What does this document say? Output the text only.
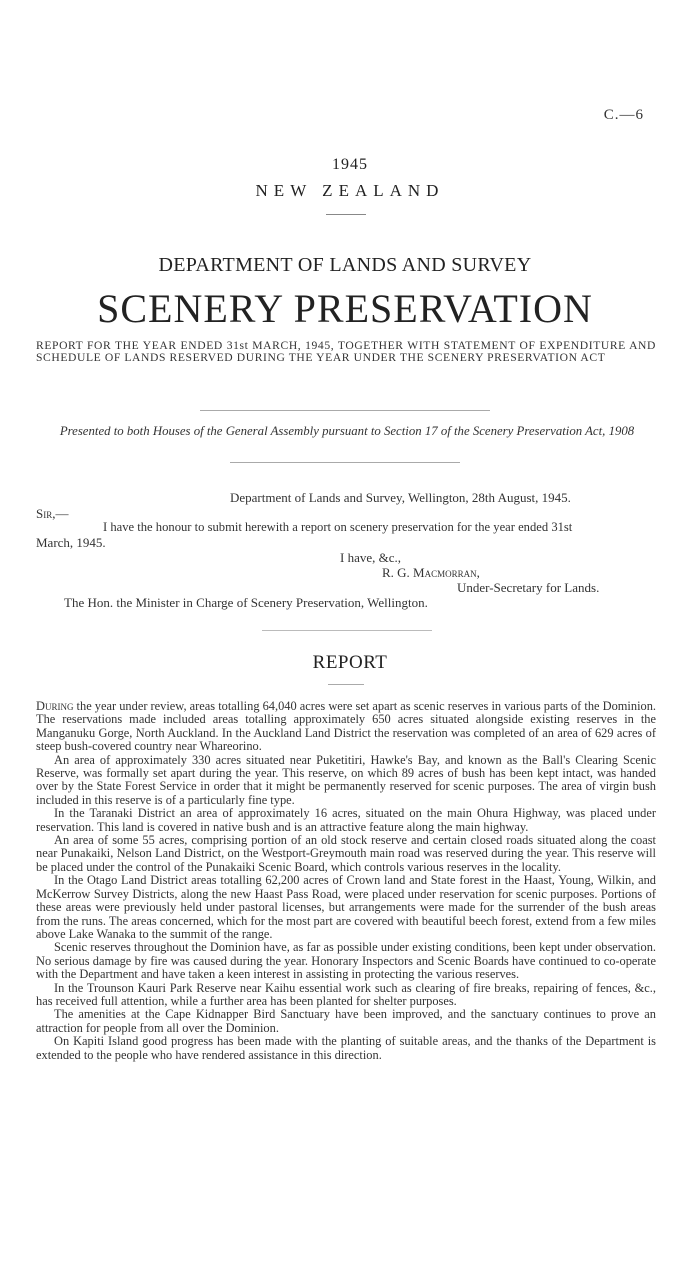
C.—6
1945
NEW ZEALAND
DEPARTMENT OF LANDS AND SURVEY
SCENERY PRESERVATION
REPORT FOR THE YEAR ENDED 31st MARCH, 1945, TOGETHER WITH STATEMENT OF EXPENDITURE AND SCHEDULE OF LANDS RESERVED DURING THE YEAR UNDER THE SCENERY PRESERVATION ACT
Presented to both Houses of the General Assembly pursuant to Section 17 of the Scenery Preservation Act, 1908
Department of Lands and Survey, Wellington, 28th August, 1945.
Sir,—
I have the honour to submit herewith a report on scenery preservation for the year ended 31st
March, 1945.
I have, &c.,
R. G. Macmorran,
Under-Secretary for Lands.
The Hon. the Minister in Charge of Scenery Preservation, Wellington.
REPORT

During the year under review, areas totalling 64,040 acres were set apart as scenic reserves in various parts of the Dominion. The reservations made included areas totalling approximately 650 acres situated alongside existing reserves in the Manganuku Gorge, North Auckland. In the Auckland Land District the reservation was completed of an area of 629 acres of steep bush-covered country near Whareorino.

An area of approximately 330 acres situated near Puketitiri, Hawke's Bay, and known as the Ball's Clearing Scenic Reserve, was formally set apart during the year. This reserve, on which 89 acres of bush has been kept intact, was handed over by the State Forest Service in order that it might be permanently reserved for scenic purposes. The area of virgin bush included in this reserve is of a particularly fine type.

In the Taranaki District an area of approximately 16 acres, situated on the main Ohura Highway, was placed under reservation. This land is covered in native bush and is an attractive feature along the main highway.

An area of some 55 acres, comprising portion of an old stock reserve and certain closed roads situated along the coast near Punakaiki, Nelson Land District, on the Westport-Greymouth main road was reserved during the year. This reserve will be placed under the control of the Punakaiki Scenic Board, which controls various reserves in the locality.

In the Otago Land District areas totalling 62,200 acres of Crown land and State forest in the Haast, Young, Wilkin, and McKerrow Survey Districts, along the new Haast Pass Road, were placed under reservation for scenic purposes. Portions of these areas were previously held under pastoral licenses, but arrangements were made for the surrender of the bush areas from the runs. The areas concerned, which for the most part are covered with beautiful beech forest, extend from a few miles above Lake Wanaka to the summit of the range.

Scenic reserves throughout the Dominion have, as far as possible under existing conditions, been kept under observation. No serious damage by fire was caused during the year. Honorary Inspectors and Scenic Boards have continued to co-operate with the Department and have taken a keen interest in assisting in protecting the various reserves.

In the Trounson Kauri Park Reserve near Kaihu essential work such as clearing of fire breaks, repairing of fences, &c., has received full attention, while a further area has been planted for shelter purposes.

The amenities at the Cape Kidnapper Bird Sanctuary have been improved, and the sanctuary continues to prove an attraction for people from all over the Dominion.

On Kapiti Island good progress has been made with the planting of suitable areas, and the thanks of the Department is extended to the people who have rendered assistance in this direction.
